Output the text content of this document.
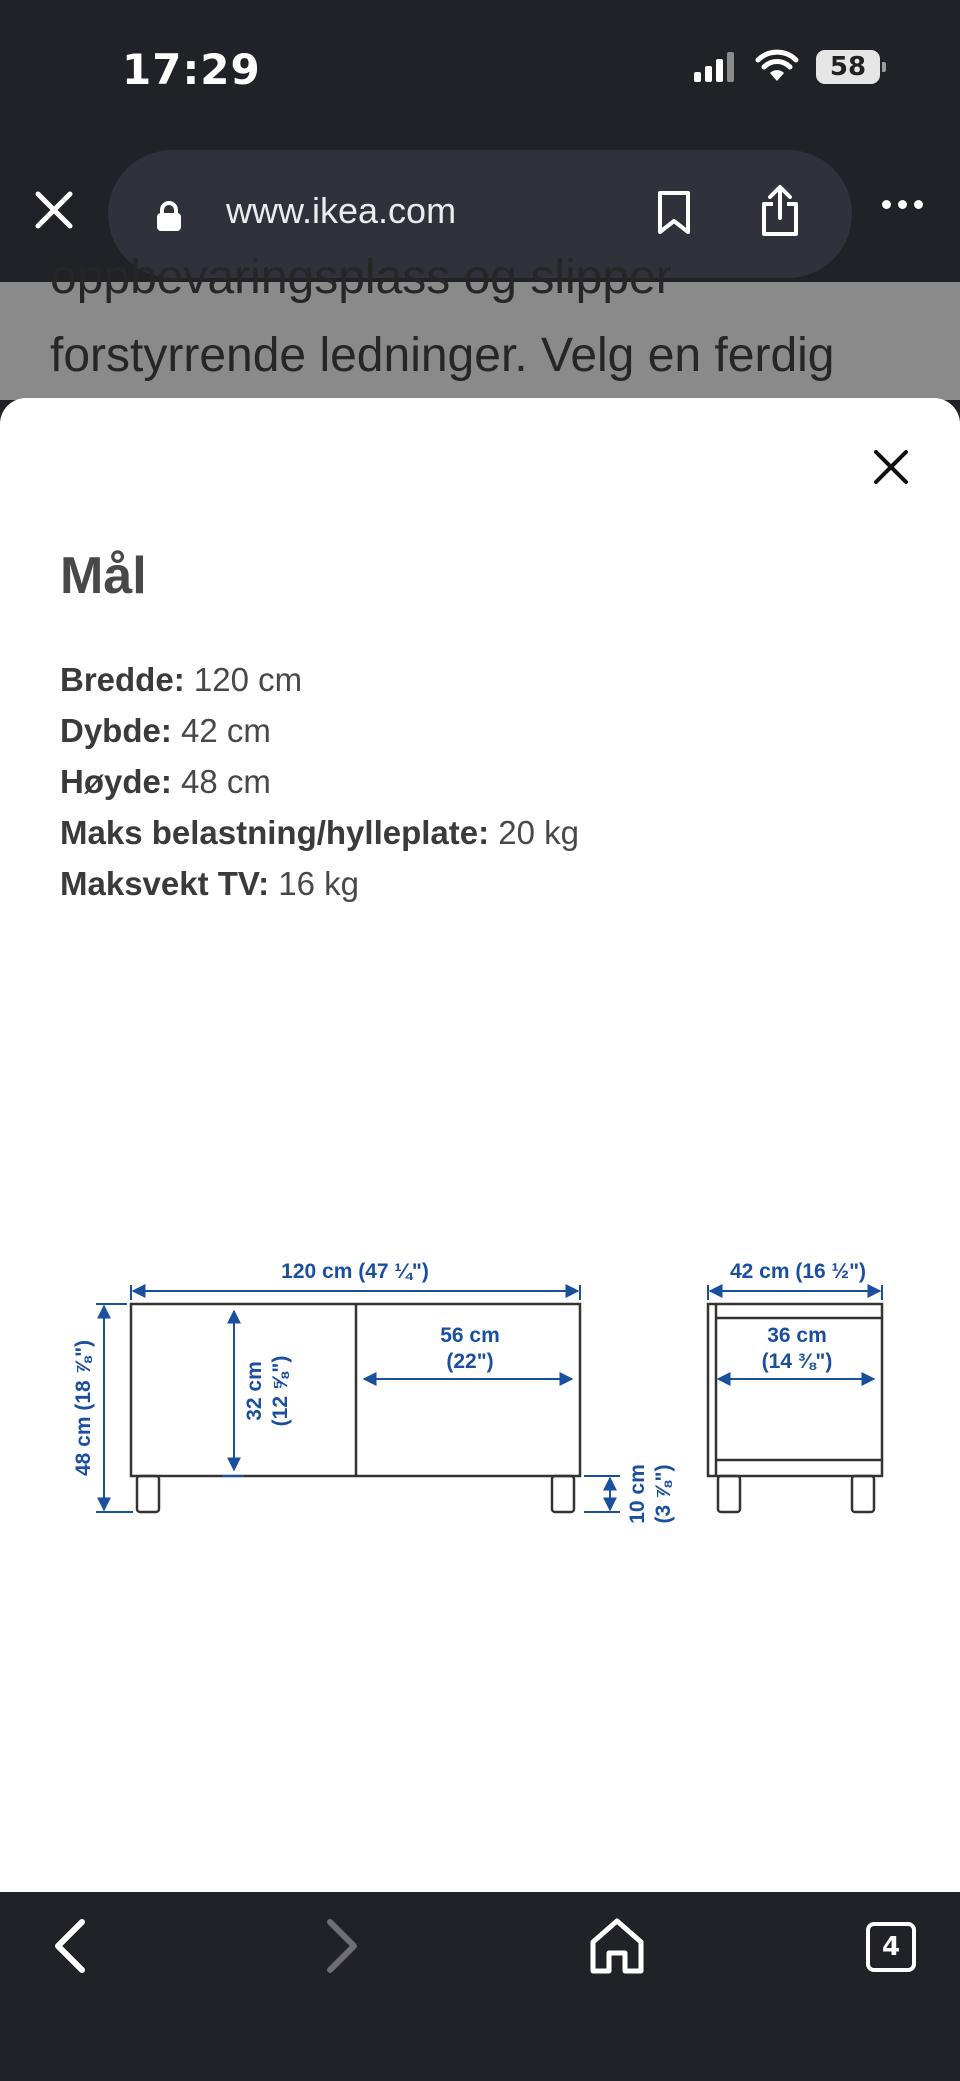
17:29	58
www.ikea.com
oppbevaringsplass og slipper
forstyrrende ledninger. Velg en ferdig
Mål
Bredde: 120 cm
Dybde: 42 cm
Høyde: 48 cm
Maks belastning/hylleplate: 20 kg
Maksvekt TV: 16 kg
120 cm (47 ¼")
48 cm (18 ⅞")	32 cm (12 ⅝")
56 cm
(22")
10 cm (3 ⅞")
42 cm (16 ½")
36 cm
(14 ⅜")
4
